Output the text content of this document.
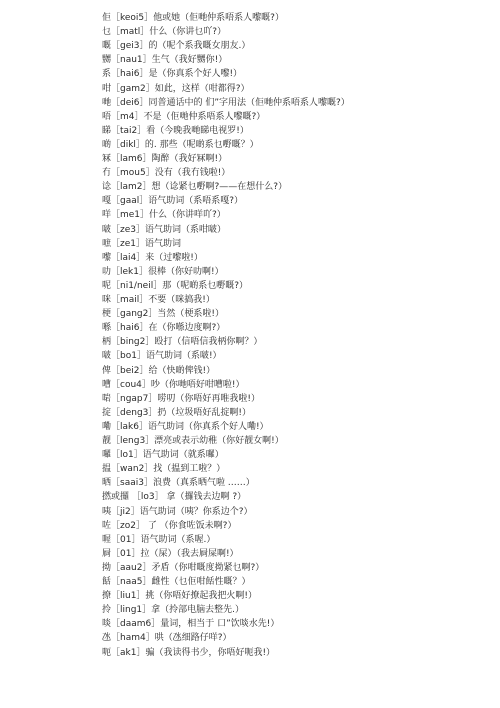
佢［keoi5］他或她（佢哋仲系唔系人嚟嘅?）
乜［matl］什么（你讲乜吖?）
嘅［gei3］的（呢个系我嘅女朋友.）
嬲［nau1］生气（我好嬲你!）
系［hai6］是（你真系个好人嚟!）
咁［gam2］如此，这样（咁都得?）
哋［dei6］同普通话中的 们”字用法（佢哋仲系唔系人嚟嘅?）
唔［m4］不是（佢哋仲系唔系人嚟嘅?）
睇［tai2］看（今晚我哋睇电视罗!）
啲［dikl］的. 那些（呢啲系乜嘢嘅？）
冧［lam6］陶醉（我好冧啊!）
冇［mou5］没有（我冇钱啦!）
谂［lam2］想（谂紧乜嘢啊?——在想什么?）
嘎［gaal］语气助词（系唔系嘎?）
咩［me1］什么（你讲咩吖?）
啵［ze3］语气助词（系咁啵）
嗻［ze1］语气助词
嚟［lai4］来（过嚟啦!）
叻［lek1］很棒（你好叻啊!）
呢［ni1/neil］那（呢啲系乜嘢嘅?）
咪［mail］不要（咪搞我!）
梗［gang2］当然（梗系啦!）
喺［hai6］在（你喺边度啊?）
柄［bing2］殴打（信唔信我柄你啊？）
啵［bo1］语气助词（系啵!）
俾［bei2］给（快啲俾钱!）
嘈［cou4］吵（你哋唔好咁嘈啦!）
啱［ngap7］唠叨（你唔好再唯我啦!）
掟［deng3］扔（垃圾唔好乱掟啊!）
嘞［lak6］语气助词（你真系个好人嘞!）
靓［leng3］漂亮或表示幼稚（你好靓女啊!）
囉［lo1］语气助词（就系囉）
揾［wan2］找（揾到工啦？）
晒［saai3］浪费（真系晒气啦 ……）
撚或攞 ［lo3］ 拿（攞钱去边啊 ?）
咦［ji2］语气助词（咦？你系边个?）
咗［zo2］ 了 （你食咗饭未啊?）
喔［01］语气助词（系喔.）
屙［01］拉（屎）（我去屙屎啊!）
拗［aau2］矛盾（你咁嘅度拗紧乜啊?）
餂［naa5］雌性（乜佢咁餂性嘅？）
撩［liu1］挑（你唔好撩起我把火啊!）
拎［ling1］拿（拎部电脑去整先.）
啖［daam6］量词，相当于 口”饮啖水先!）
氹［ham4］哄（氹细路仔咩?）
呃［ak1］骗（我读得书少，你唔好呃我!）
